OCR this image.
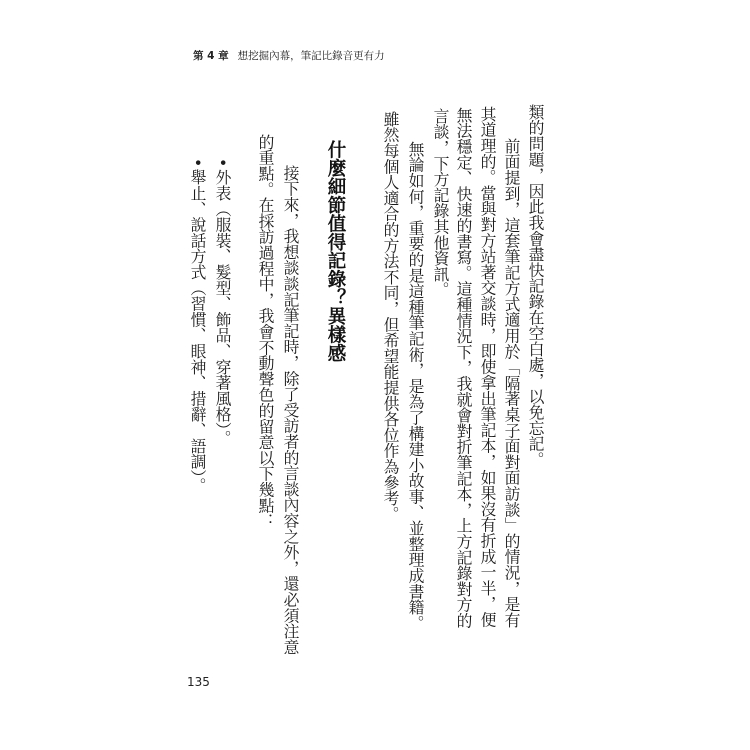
第 4 章 想挖掘內幕，筆記比錄音更有力
類的問題，因此我會盡快記錄在空白處，以免忘記。
前面提到，這套筆記方式適用於「隔著桌子面對面訪談」的情況，是有
其道理的。當與對方站著交談時，即使拿出筆記本，如果沒有折成一半，便
無法穩定、快速的書寫。這種情況下，我就會對折筆記本，上方記錄對方的
言談，下方記錄其他資訊。
無論如何，重要的是這種筆記術，是為了構建小故事、並整理成書籍。
雖然每個人適合的方法不同，但希望能提供各位作為參考。
什麼細節值得記錄？異樣感
接下來，我想談談記筆記時，除了受訪者的言談內容之外，還必須注意
的重點。在採訪過程中，我會不動聲色的留意以下幾點：
•外表（服裝、髮型、飾品、穿著風格）。
•舉止、說話方式（習慣、眼神、措辭、語調）。
135
